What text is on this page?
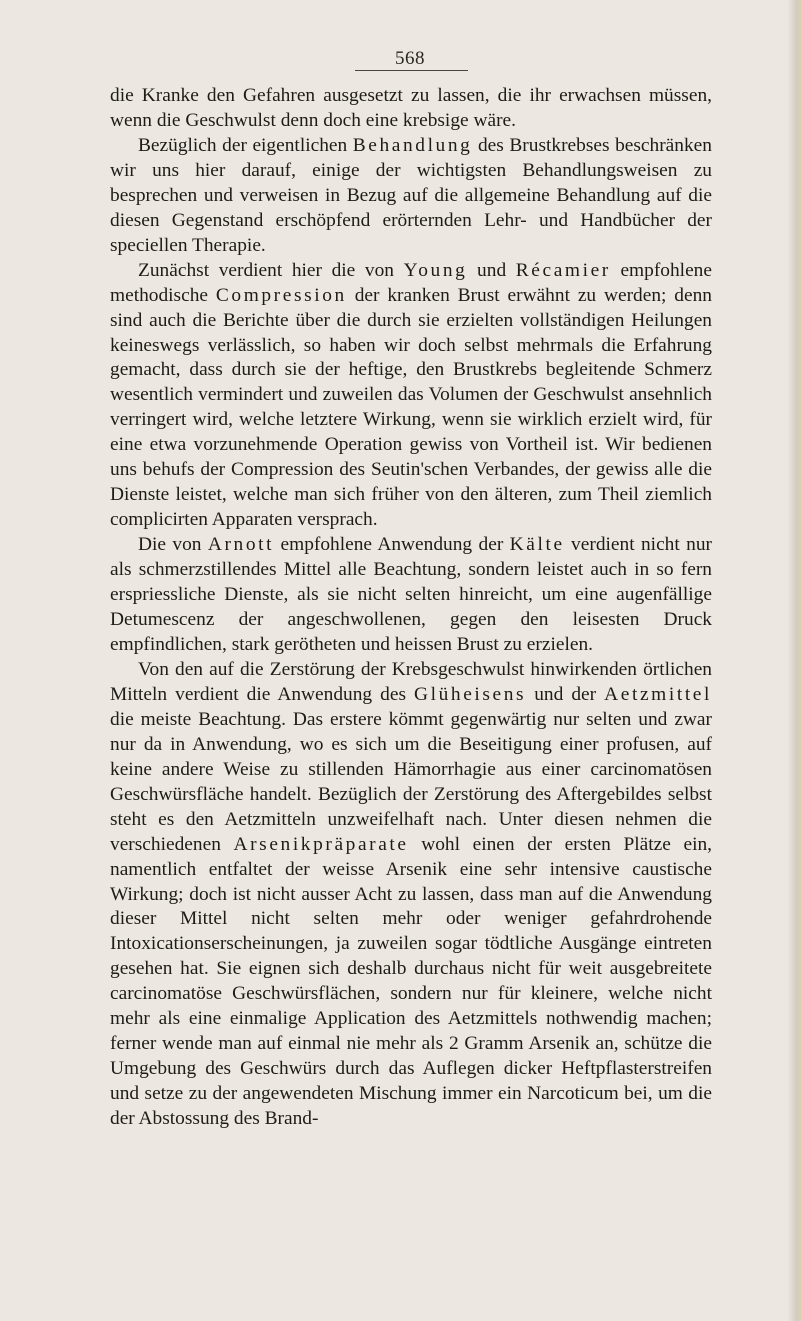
568

die Kranke den Gefahren ausgesetzt zu lassen, die ihr erwachsen müssen, wenn die Geschwulst denn doch eine krebsige wäre.

Bezüglich der eigentlichen Behandlung des Brustkrebses beschränken wir uns hier darauf, einige der wichtigsten Behandlungsweisen zu besprechen und verweisen in Bezug auf die allgemeine Behandlung auf die diesen Gegenstand erschöpfend erörternden Lehr- und Handbücher der speciellen Therapie.

Zunächst verdient hier die von Young und Récamier empfohlene methodische Compression der kranken Brust erwähnt zu werden; denn sind auch die Berichte über die durch sie erzielten vollständigen Heilungen keineswegs verlässlich, so haben wir doch selbst mehrmals die Erfahrung gemacht, dass durch sie der heftige, den Brustkrebs begleitende Schmerz wesentlich vermindert und zuweilen das Volumen der Geschwulst ansehnlich verringert wird, welche letztere Wirkung, wenn sie wirklich erzielt wird, für eine etwa vorzunehmende Operation gewiss von Vortheil ist. Wir bedienen uns behufs der Compression des Seutin'schen Verbandes, der gewiss alle die Dienste leistet, welche man sich früher von den älteren, zum Theil ziemlich complicirten Apparaten versprach.

Die von Arnott empfohlene Anwendung der Kälte verdient nicht nur als schmerzstillendes Mittel alle Beachtung, sondern leistet auch in so fern erspriessliche Dienste, als sie nicht selten hinreicht, um eine augenfällige Detumescenz der angeschwollenen, gegen den leisesten Druck empfindlichen, stark gerötheten und heissen Brust zu erzielen.

Von den auf die Zerstörung der Krebsgeschwulst hinwirkenden örtlichen Mitteln verdient die Anwendung des Glüheisens und der Aetzmittel die meiste Beachtung. Das erstere kömmt gegenwärtig nur selten und zwar nur da in Anwendung, wo es sich um die Beseitigung einer profusen, auf keine andere Weise zu stillenden Hämorrhagie aus einer carcinomatösen Geschwürsfläche handelt. Bezüglich der Zerstörung des Aftergebildes selbst steht es den Aetzmitteln unzweifelhaft nach. Unter diesen nehmen die verschiedenen Arsenikpräparate wohl einen der ersten Plätze ein, namentlich entfaltet der weisse Arsenik eine sehr intensive caustische Wirkung; doch ist nicht ausser Acht zu lassen, dass man auf die Anwendung dieser Mittel nicht selten mehr oder weniger gefahrdrohende Intoxicationserscheinungen, ja zuweilen sogar tödtliche Ausgänge eintreten gesehen hat. Sie eignen sich deshalb durchaus nicht für weit ausgebreitete carcinomatöse Geschwürsflächen, sondern nur für kleinere, welche nicht mehr als eine einmalige Application des Aetzmittels nothwendig machen; ferner wende man auf einmal nie mehr als 2 Gramm Arsenik an, schütze die Umgebung des Geschwürs durch das Auflegen dicker Heftpflasterstreifen und setze zu der angewendeten Mischung immer ein Narcoticum bei, um die der Abstossung des Brand-
